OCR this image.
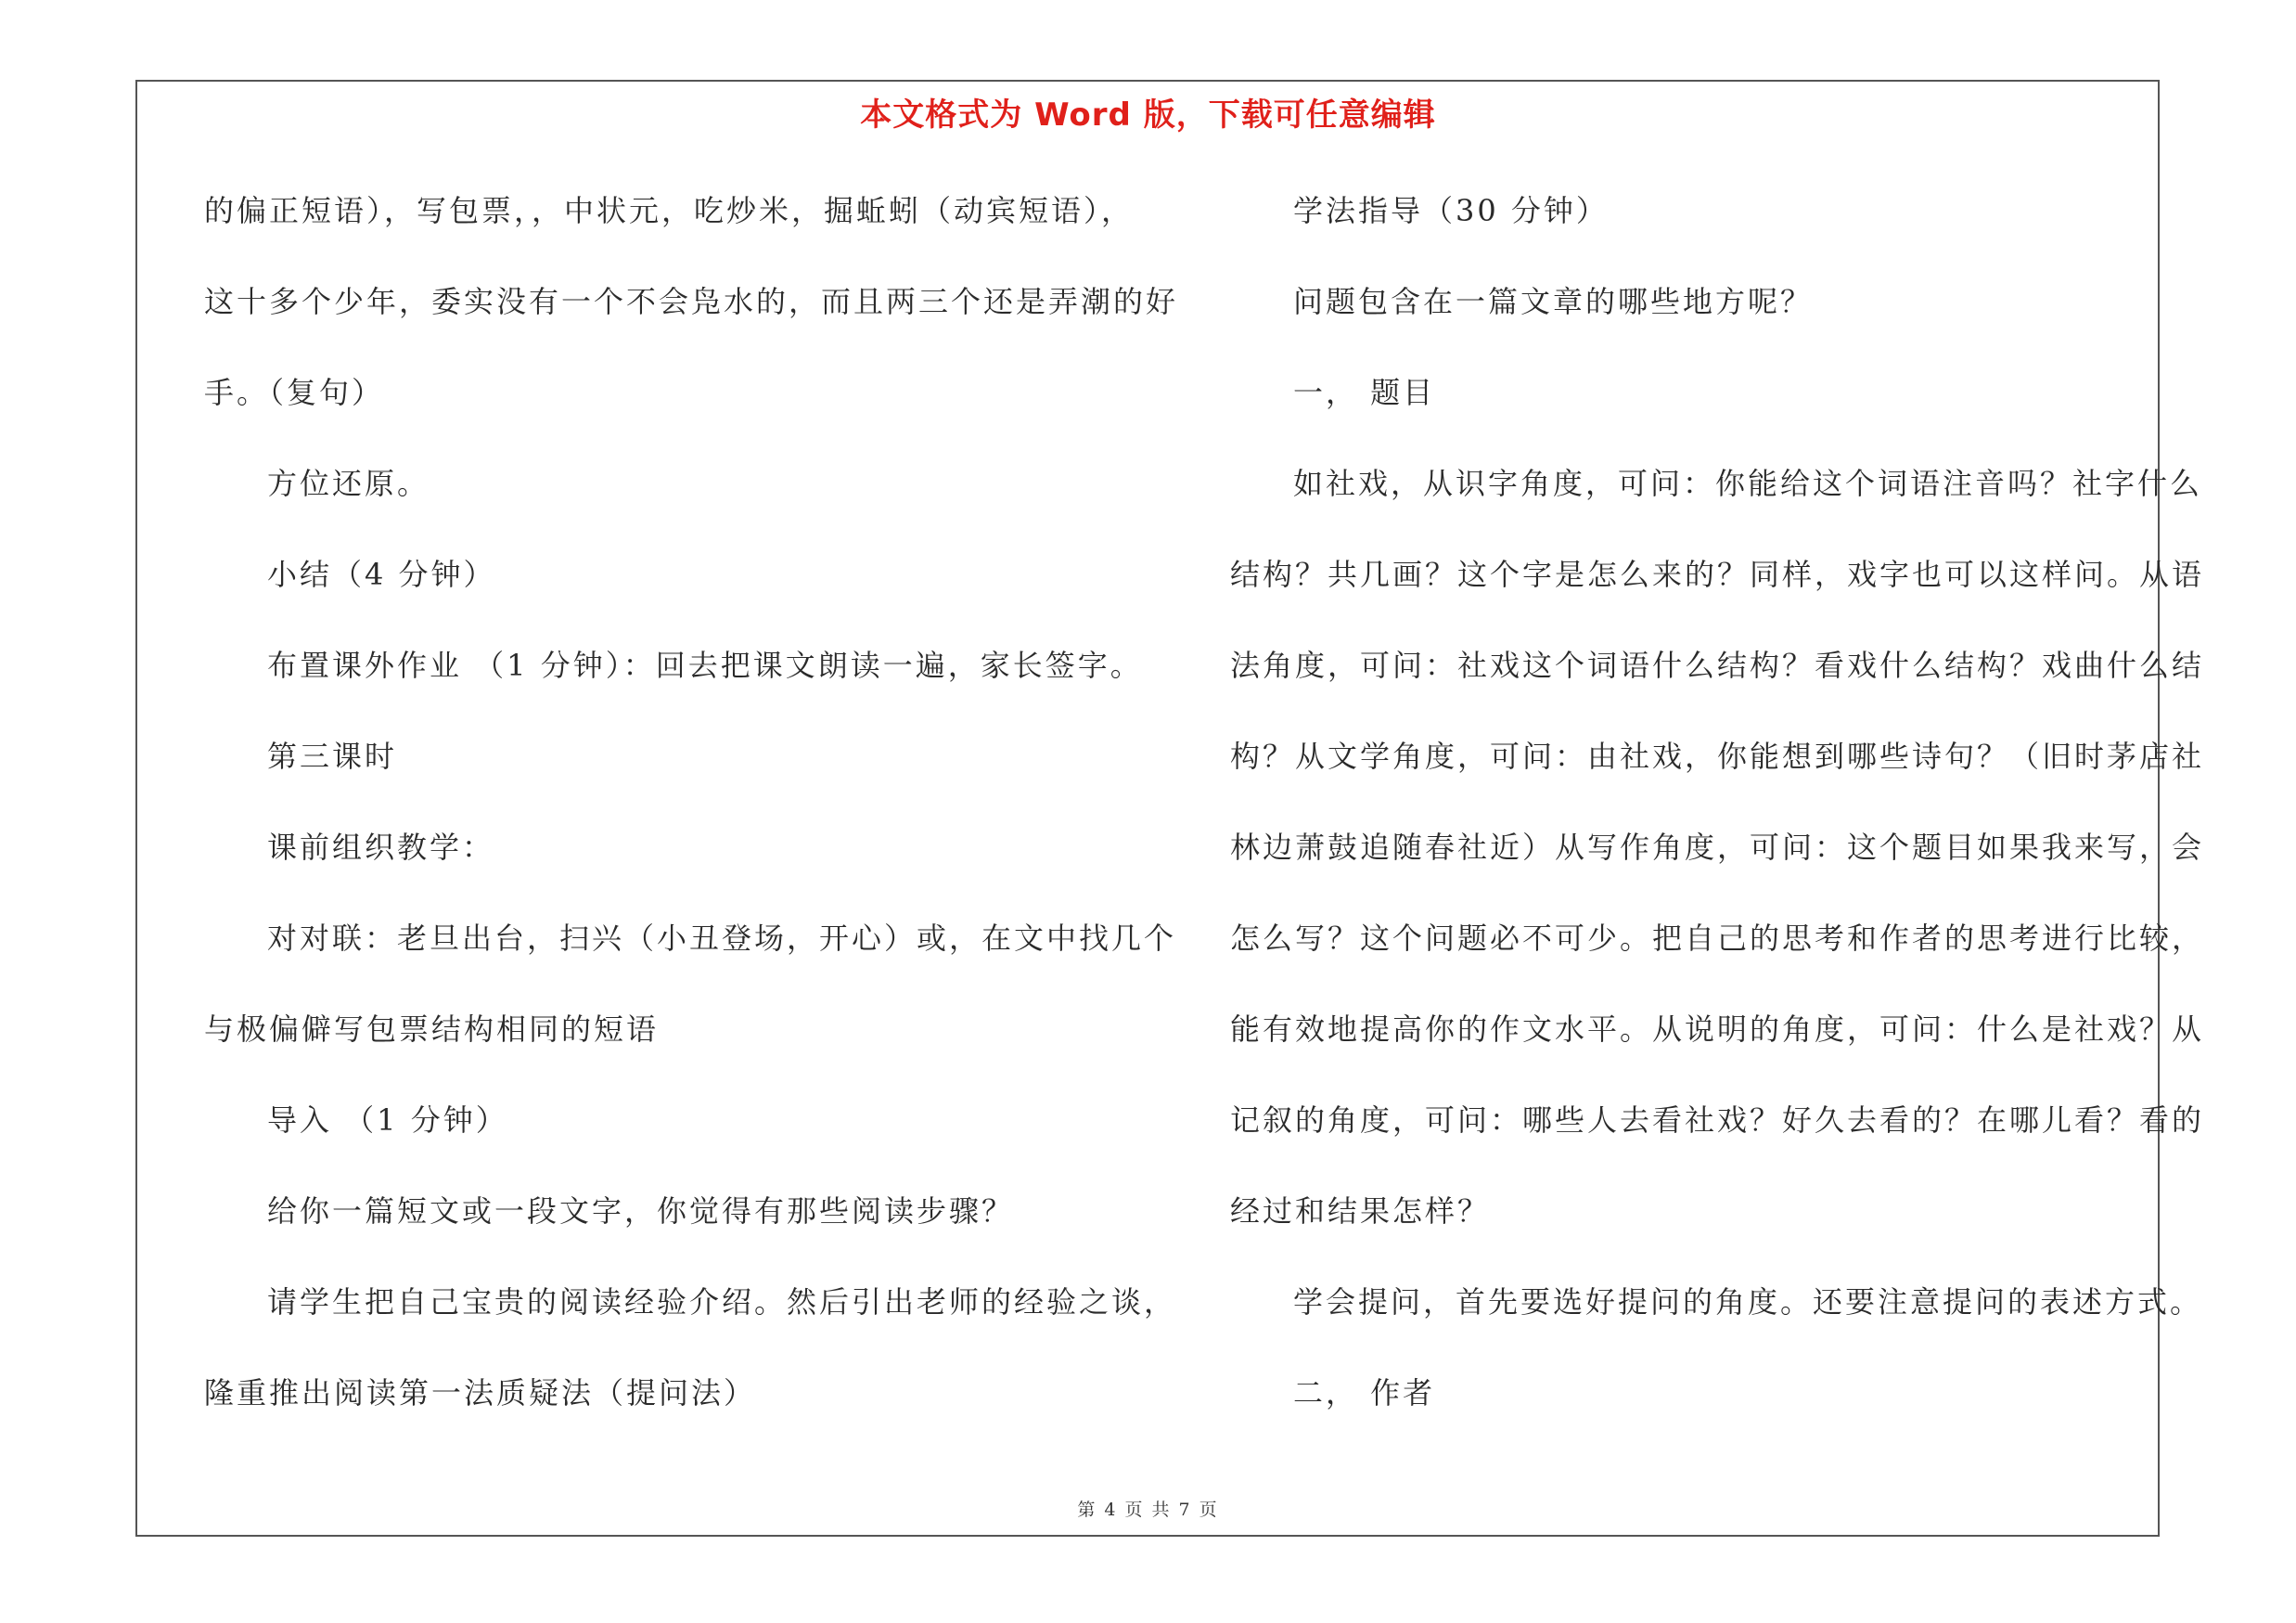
本文格式为 Word 版，下载可任意编辑
的偏正短语），写包票，，中状元，吃炒米，掘蚯蚓（动宾短语），
这十多个少年，委实没有一个不会凫水的，而且两三个还是弄潮的好
手。（复句）
方位还原。
小结（4 分钟）
布置课外作业 （1 分钟）：回去把课文朗读一遍，家长签字。
第三课时
课前组织教学：
对对联：老旦出台，扫兴（小丑登场，开心）或，在文中找几个
与极偏僻写包票结构相同的短语
导入 （1 分钟）
给你一篇短文或一段文字，你觉得有那些阅读步骤？
请学生把自己宝贵的阅读经验介绍。然后引出老师的经验之谈，
隆重推出阅读第一法质疑法（提问法）
学法指导（30 分钟）
问题包含在一篇文章的哪些地方呢？
一， 题目
如社戏，从识字角度，可问：你能给这个词语注音吗？社字什么
结构？共几画？这个字是怎么来的？同样，戏字也可以这样问。从语
法角度，可问：社戏这个词语什么结构？看戏什么结构？戏曲什么结
构？从文学角度，可问：由社戏，你能想到哪些诗句？（旧时茅店社
林边萧鼓追随春社近）从写作角度，可问：这个题目如果我来写，会
怎么写？这个问题必不可少。把自己的思考和作者的思考进行比较，
能有效地提高你的作文水平。从说明的角度，可问：什么是社戏？从
记叙的角度，可问：哪些人去看社戏？好久去看的？在哪儿看？看的
经过和结果怎样？
学会提问，首先要选好提问的角度。还要注意提问的表述方式。
二， 作者
第 4 页 共 7 页
